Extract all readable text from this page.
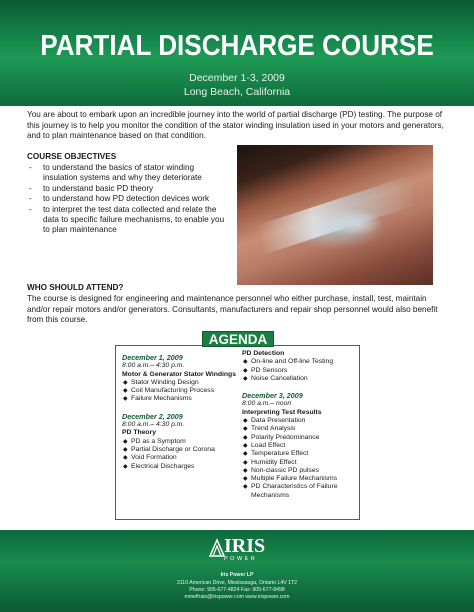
PARTIAL DISCHARGE COURSE
December 1-3, 2009
Long Beach, California

You are about to embark upon an incredible journey into the world of partial discharge (PD) testing. The purpose of this journey is to help you monitor the condition of the stator winding insulation used in your motors and generators, and to plan maintenance based on that condition.

COURSE OBJECTIVES
- to understand the basics of stator winding insulation systems and why they deteriorate
- to understand basic PD theory
- to understand how PD detection devices work
- to interpret the test data collected and relate the data to specific failure mechanisms, to enable you to plan maintenance
WHO SHOULD ATTEND?

The course is designed for engineering and maintenance personnel who either purchase, install, test, maintain and/or repair motors and/or generators. Consultants, manufacturers and repair shop personnel would also benefit from this course.

December 1, 2009
8:00 a.m.– 4:30 p.m.
Motor & Generator Stator Windings
◆ Stator Winding Design
◆ Coil Manufacturing Process
◆ Failure Mechanisms
December 2, 2009
8:00 a.m.– 4:30 p.m.
PD Theory
◆ PD as a Symptom
◆ Partial Discharge or Corona
◆ Void Formation
◆ Electrical Discharges
PD Detection
◆ On-line and Off-line Testing
◆ PD Sensors
◆ Noise Cancellation
December 3, 2009
8:00 a.m.– noon
Interpreting Test Results
◆ Data Presentation
◆ Trend Analysis
◆ Polarity Predominance
◆ Load Effect
◆ Temperature Effect
◆ Humidity Effect
◆ Non-classic PD pulses
◆ Multiple Failure Mechanisms
◆ PD Characteristics of Failure Mechanisms
AGENDA
IRIS
POWER
Iris Power LP
3110 American Drive, Mississauga, Ontario L4V 1T2
Phone: 905-677-4824 Fax: 905-677-8498
mmelfrais@irispower.com www.irispower.com
